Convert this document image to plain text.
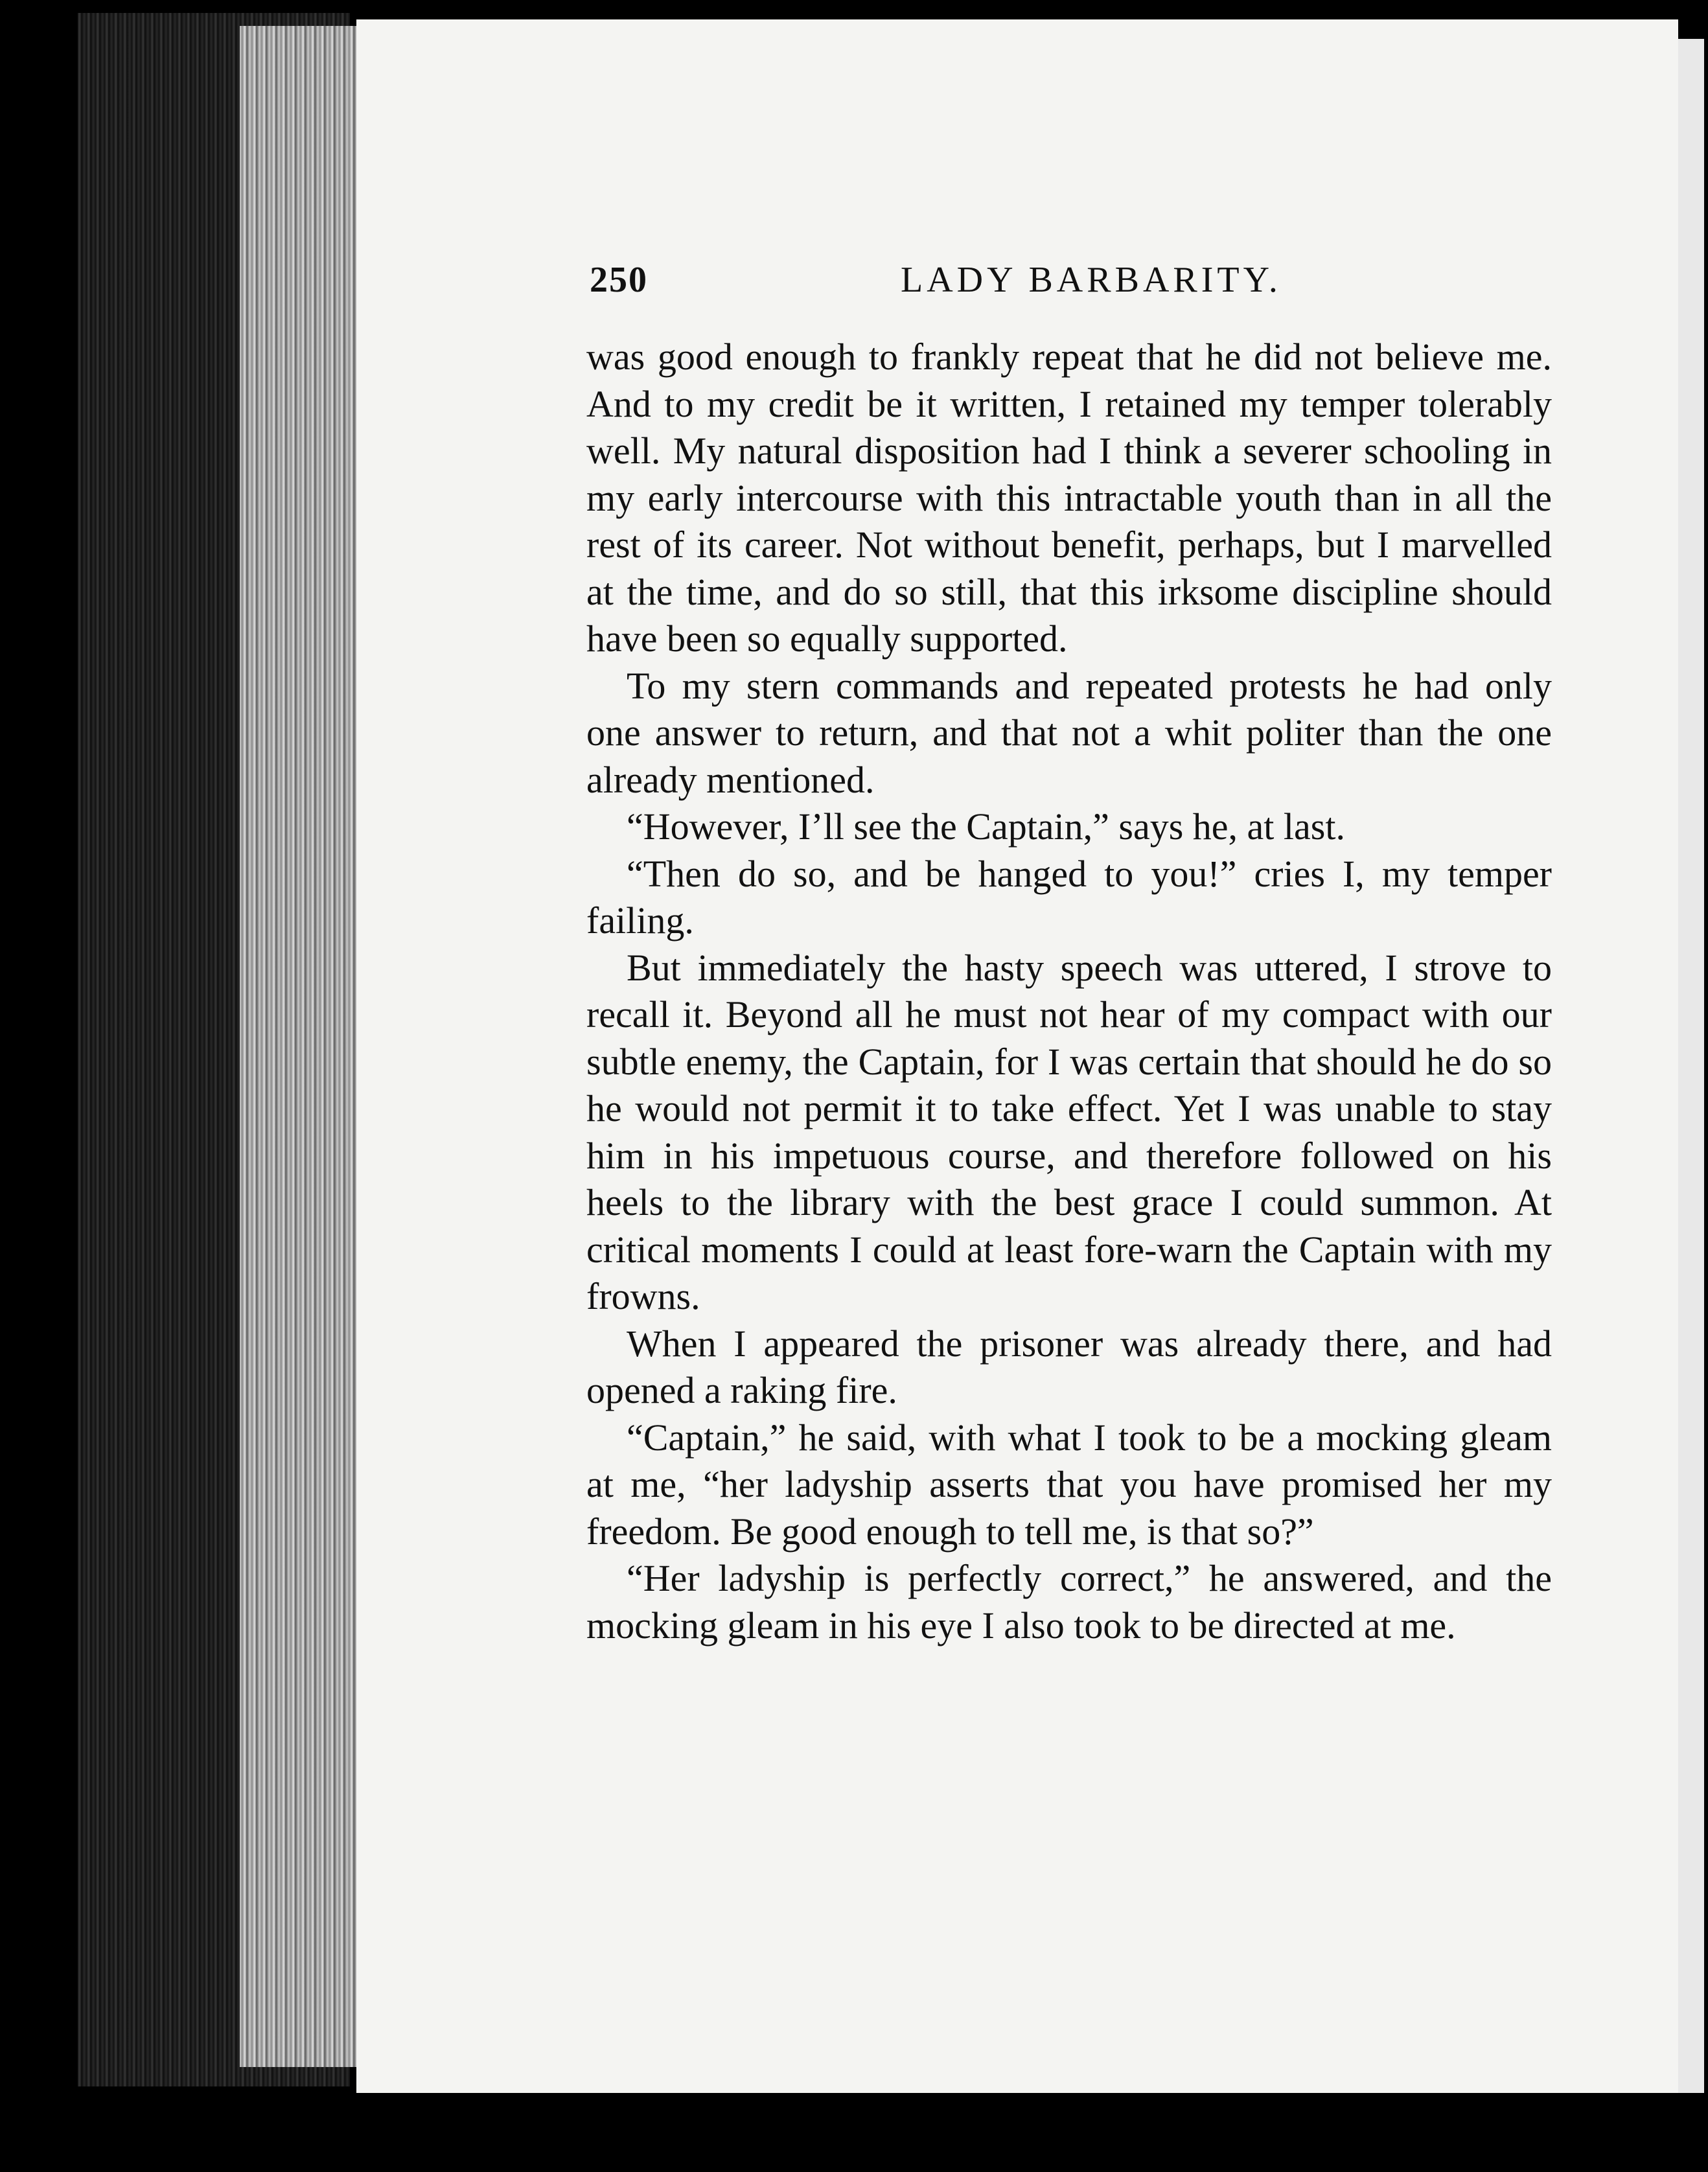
250	LADY BARBARITY.

was good enough to frankly repeat that he did not believe me. And to my credit be it written, I retained my temper tolerably well. My natural disposition had I think a severer schooling in my early intercourse with this intractable youth than in all the rest of its career. Not without benefit, perhaps, but I marvelled at the time, and do so still, that this irksome discipline should have been so equally supported.

To my stern commands and repeated protests he had only one answer to return, and that not a whit politer than the one already mentioned.

“However, I’ll see the Captain,” says he, at last.

“Then do so, and be hanged to you!” cries I, my temper failing.

But immediately the hasty speech was uttered, I strove to recall it. Beyond all he must not hear of my compact with our subtle enemy, the Captain, for I was certain that should he do so he would not permit it to take effect. Yet I was unable to stay him in his impetuous course, and therefore followed on his heels to the library with the best grace I could summon. At critical moments I could at least fore-warn the Captain with my frowns.

When I appeared the prisoner was already there, and had opened a raking fire.

“Captain,” he said, with what I took to be a mocking gleam at me, “her ladyship asserts that you have promised her my freedom. Be good enough to tell me, is that so?”

“Her ladyship is perfectly correct,” he answered, and the mocking gleam in his eye I also took to be directed at me.
